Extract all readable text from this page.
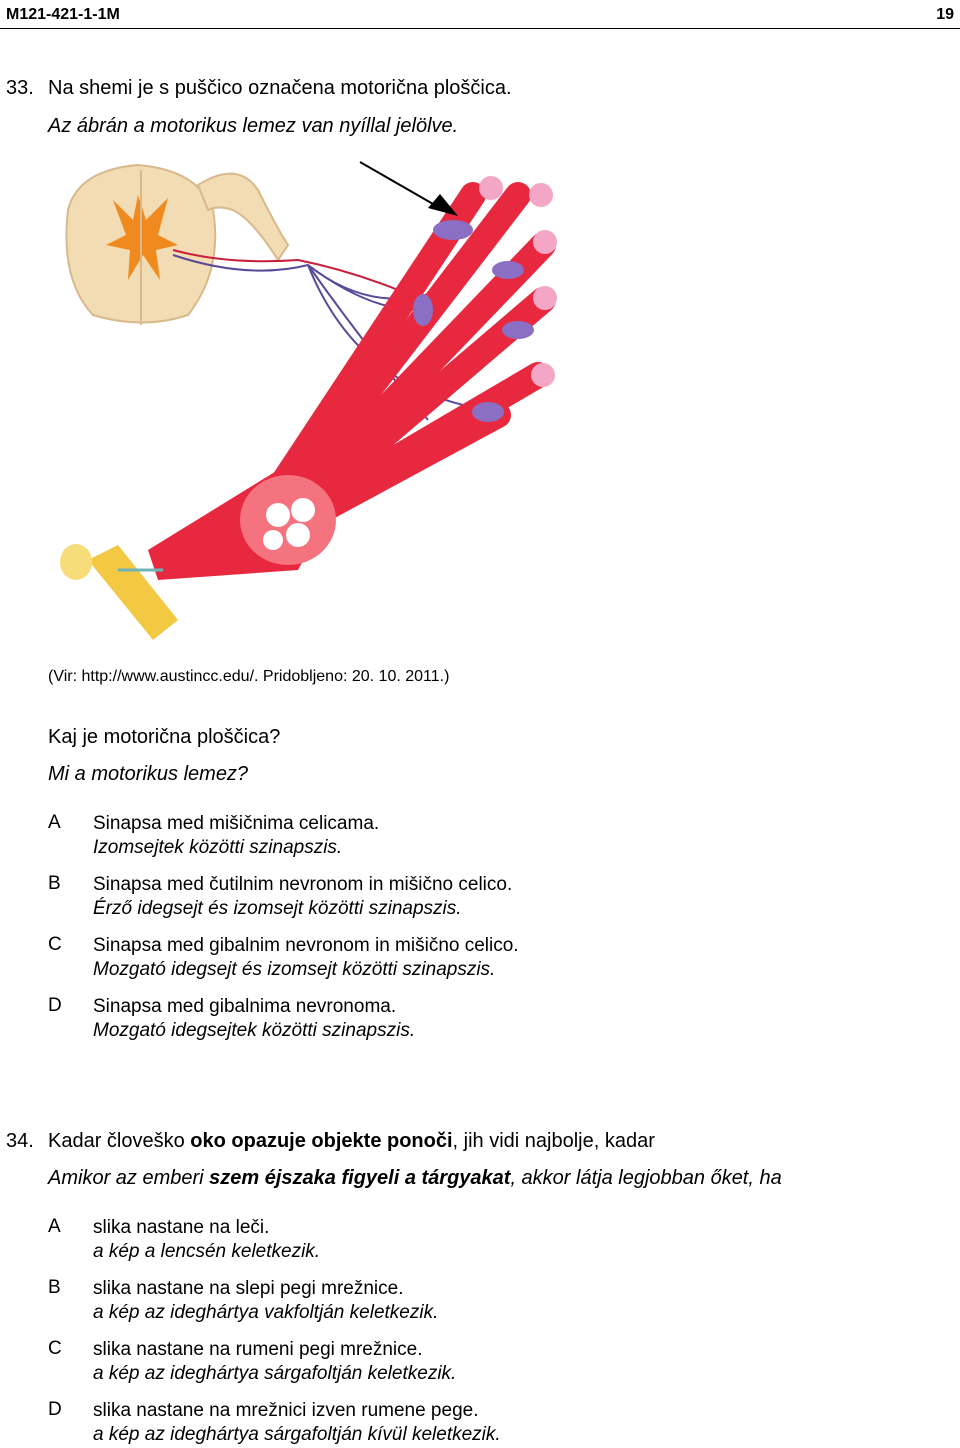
M121-421-1-1M	19
33. Na shemi je s puščico označena motorična ploščica.
Az ábrán a motorikus lemez van nyíllal jelölve.
(Vir: http://www.austincc.edu/. Pridobljeno: 20. 10. 2011.)
Kaj je motorična ploščica?
Mi a motorikus lemez?
A Sinapsa med mišičnima celicama.
Izomsejtek közötti szinapszis.
B Sinapsa med čutilnim nevronom in mišično celico.
Érző idegsejt és izomsejt közötti szinapszis.
C Sinapsa med gibalnim nevronom in mišično celico.
Mozgató idegsejt és izomsejt közötti szinapszis.
D Sinapsa med gibalnima nevronoma.
Mozgató idegsejtek közötti szinapszis.
34. Kadar človeško oko opazuje objekte ponoči, jih vidi najbolje, kadar
Amikor az emberi szem éjszaka figyeli a tárgyakat, akkor látja legjobban őket, ha
A slika nastane na leči.
a kép a lencsén keletkezik.
B slika nastane na slepi pegi mrežnice.
a kép az ideghártya vakfoltján keletkezik.
C slika nastane na rumeni pegi mrežnice.
a kép az ideghártya sárgafoltján keletkezik.
D slika nastane na mrežnici izven rumene pege.
a kép az ideghártya sárgafoltján kívül keletkezik.
